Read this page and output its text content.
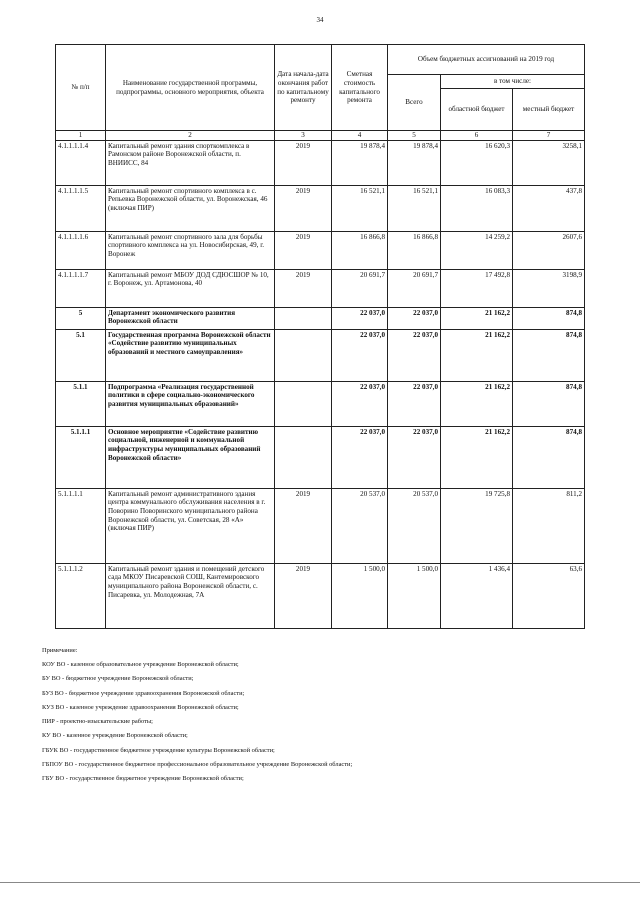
34
№ п/п	Наименование государственной программы, подпрограммы, основного мероприятия, объекта	Дата начала-дата окончания работ по капитальному ремонту	Сметная стоимость капитального ремонта	Объем бюджетных ассигнований на 2019 год		
				Всего	в том числе:	
					областной бюджет	местный бюджет
1	2	3	4	5	6	7
4.1.1.1.1.4	Капитальный ремонт здания спорткомплекса в Рамонском районе Воронежской области, п. ВНИИСС, 84	2019	19 878,4	19 878,4	16 620,3	3258,1
4.1.1.1.1.5	Капитальный ремонт спортивного комплекса в с. Репьевка Воронежской области, ул. Воронежская, 46 (включая ПИР)	2019	16 521,1	16 521,1	16 083,3	437,8
4.1.1.1.1.6	Капитальный ремонт спортивного зала для борьбы спортивного комплекса на ул. Новосибирская, 49, г. Воронеж	2019	16 866,8	16 866,8	14 259,2	2607,6
4.1.1.1.1.7	Капитальный ремонт МБОУ ДОД СДЮСШОР № 10, г. Воронеж, ул. Артамонова, 40	2019	20 691,7	20 691,7	17 492,8	3198,9
5	Департамент экономического развития Воронежской области		22 037,0	22 037,0	21 162,2	874,8
5.1	Государственная программа Воронежской области «Содействие развитию муниципальных образований и местного самоуправления»		22 037,0	22 037,0	21 162,2	874,8
5.1.1	Подпрограмма «Реализация государственной политики в сфере социально-экономического развития муниципальных образований»		22 037,0	22 037,0	21 162,2	874,8
5.1.1.1	Основное мероприятие «Содействие развитию социальной, инженерной и коммунальной инфраструктуры муниципальных образований Воронежской области»		22 037,0	22 037,0	21 162,2	874,8
5.1.1.1.1	Капитальный ремонт административного здания центра коммунального обслуживания населения в г. Поворино Поворинского муниципального района Воронежской области, ул. Советская, 28 «А» (включая ПИР)	2019	20 537,0	20 537,0	19 725,8	811,2
5.1.1.1.2	Капитальный ремонт здания и помещений детского сада МКОУ Писаревской СОШ, Кантемировского муниципального района Воронежской области, с. Писаревка, ул. Молодежная, 7А	2019	1 500,0	1 500,0	1 436,4	63,6
Примечание:
КОУ ВО - казенное образовательное учреждение Воронежской области;
БУ ВО - бюджетное учреждение Воронежской области;
БУЗ ВО - бюджетное учреждение здравоохранения Воронежской области;
КУЗ ВО - казенное учреждение здравоохранения Воронежской области;
ПИР - проектно-изыскательские работы;
КУ ВО - казенное учреждение Воронежской области;
ГБУК ВО - государственное бюджетное учреждение культуры Воронежской области;
ГБПОУ ВО - государственное бюджетное профессиональное образовательное учреждение Воронежской области;
ГБУ ВО - государственное бюджетное учреждение Воронежской области;
